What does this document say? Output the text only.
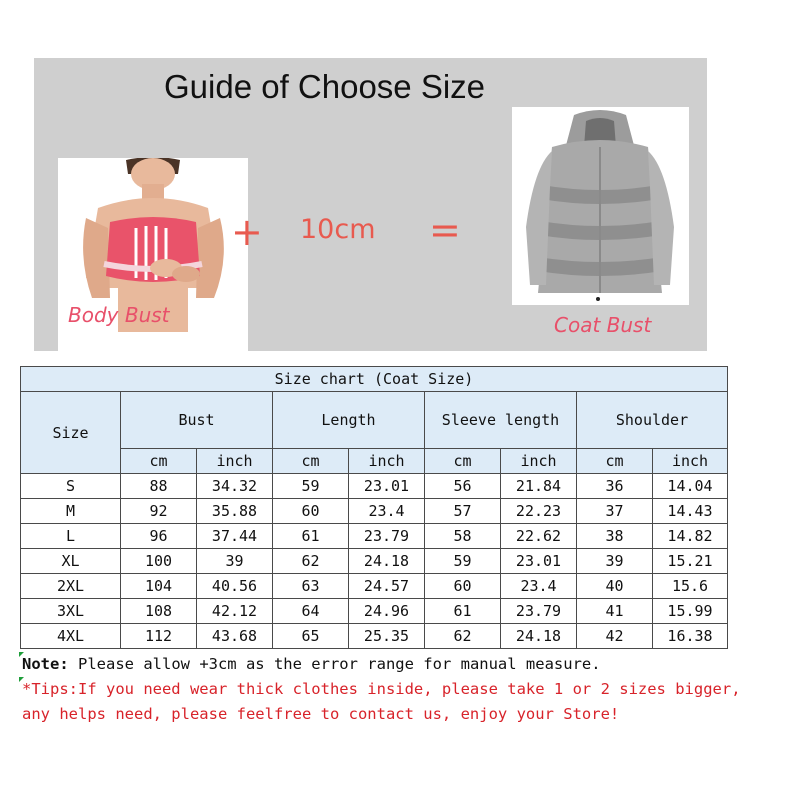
Guide of Choose Size
Body Bust
+ 10cm =
Coat Bust
Size chart (Coat Size)								
Size	Bust		Length		Sleeve length		Shoulder	
	cm	inch	cm	inch	cm	inch	cm	inch
S	88	34.32	59	23.01	56	21.84	36	14.04
M	92	35.88	60	23.4	57	22.23	37	14.43
L	96	37.44	61	23.79	58	22.62	38	14.82
XL	100	39	62	24.18	59	23.01	39	15.21
2XL	104	40.56	63	24.57	60	23.4	40	15.6
3XL	108	42.12	64	24.96	61	23.79	41	15.99
4XL	112	43.68	65	25.35	62	24.18	42	16.38
Note: Please allow +3cm as the error range for manual measure.
*Tips:If you need wear thick clothes inside, please take 1 or 2 sizes bigger,
any helps need, please feelfree to contact us, enjoy your Store!
